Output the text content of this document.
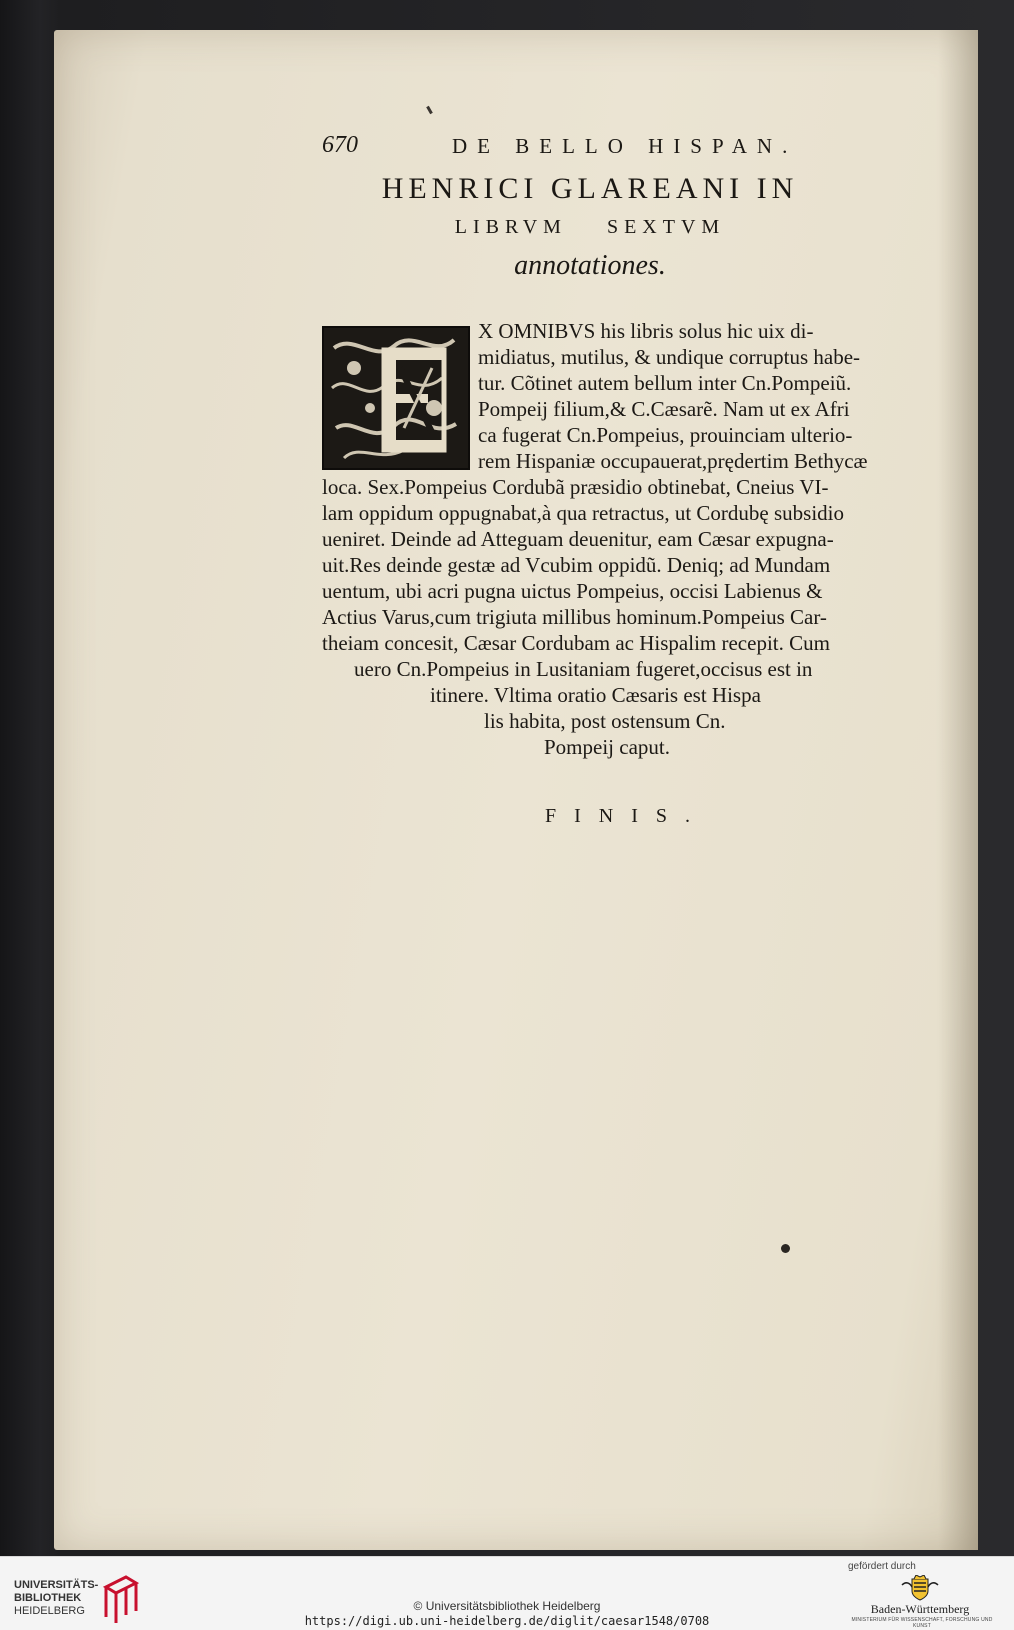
670	DE BELLO HISPAN.
HENRICI GLAREANI IN
LIBRVM SEXTVM
annotationes.
X OMNIBVS his libris solus hic uix di-
midiatus, mutilus, & undique corruptus habe-
tur. Cõtinet autem bellum inter Cn.Pompeiũ.
Pompeij filium,& C.Cæsarẽ. Nam ut ex Afri
ca fugerat Cn.Pompeius, prouinciam ulterio-
rem Hispaniæ occupauerat,prędertim Bethycæ
loca. Sex.Pompeius Cordubã præsidio obtinebat, Cneius VI-
lam oppidum oppugnabat,à qua retractus, ut Cordubę subsidio
ueniret. Deinde ad Atteguam deuenitur, eam Cæsar expugna-
uit.Res deinde gestæ ad Vcubim oppidũ. Deniq; ad Mundam
uentum, ubi acri pugna uictus Pompeius, occisi Labienus &
Actius Varus,cum trigiuta millibus hominum.Pompeius Car-
theiam concesit, Cæsar Cordubam ac Hispalim recepit. Cum
uero Cn.Pompeius in Lusitaniam fugeret,occisus est in
itinere. Vltima oratio Cæsaris est Hispa
lis habita, post ostensum Cn.
Pompeij caput.
FINIS.
UNIVERSITÄTS-
BIBLIOTHEK
HEIDELBERG	© Universitätsbibliothek Heidelberg
https://digi.ub.uni-heidelberg.de/diglit/caesar1548/0708
gefördert durch
Baden-Württemberg
MINISTERIUM FÜR WISSENSCHAFT, FORSCHUNG UND KUNST
